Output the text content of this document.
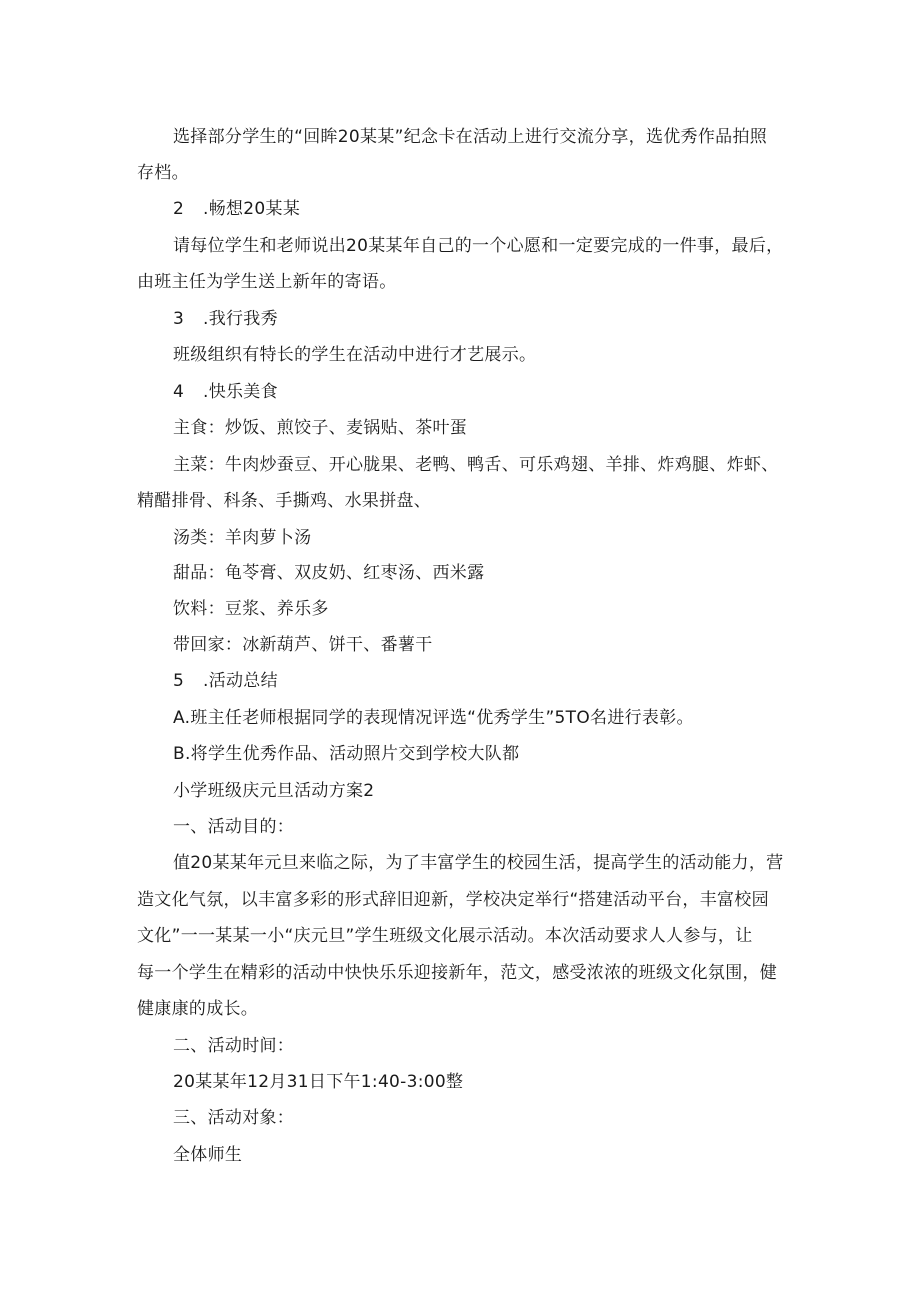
选择部分学生的“回眸20某某”纪念卡在活动上进行交流分享，选优秀作品拍照
存档。
2 .畅想20某某
请每位学生和老师说出20某某年自己的一个心愿和一定要完成的一件事，最后，
由班主任为学生送上新年的寄语。
3 .我行我秀
班级组织有特长的学生在活动中进行才艺展示。
4 .快乐美食
主食：炒饭、煎饺子、麦锅贴、茶叶蛋
主菜：牛肉炒蚕豆、开心胧果、老鸭、鸭舌、可乐鸡翅、羊排、炸鸡腿、炸虾、
精醋排骨、科条、手撕鸡、水果拼盘、
汤类：羊肉萝卜汤
甜品：龟苓膏、双皮奶、红枣汤、西米露
饮料：豆浆、养乐多
带回家：冰新葫芦、饼干、番薯干
5 .活动总结
A.班主任老师根据同学的表现情况评选“优秀学生”5TO名进行表彰。
B.将学生优秀作品、活动照片交到学校大队都
小学班级庆元旦活动方案2
一、活动目的：
值20某某年元旦来临之际，为了丰富学生的校园生活，提高学生的活动能力，营
造文化气氛，以丰富多彩的形式辞旧迎新，学校决定举行“搭建活动平台，丰富校园
文化”一一某某一小“庆元旦”学生班级文化展示活动。本次活动要求人人参与，让
每一个学生在精彩的活动中快快乐乐迎接新年，范文，感受浓浓的班级文化氛围，健
健康康的成长。
二、活动时间：
20某某年12月31日下午1:40-3:00整
三、活动对象：
全体师生
